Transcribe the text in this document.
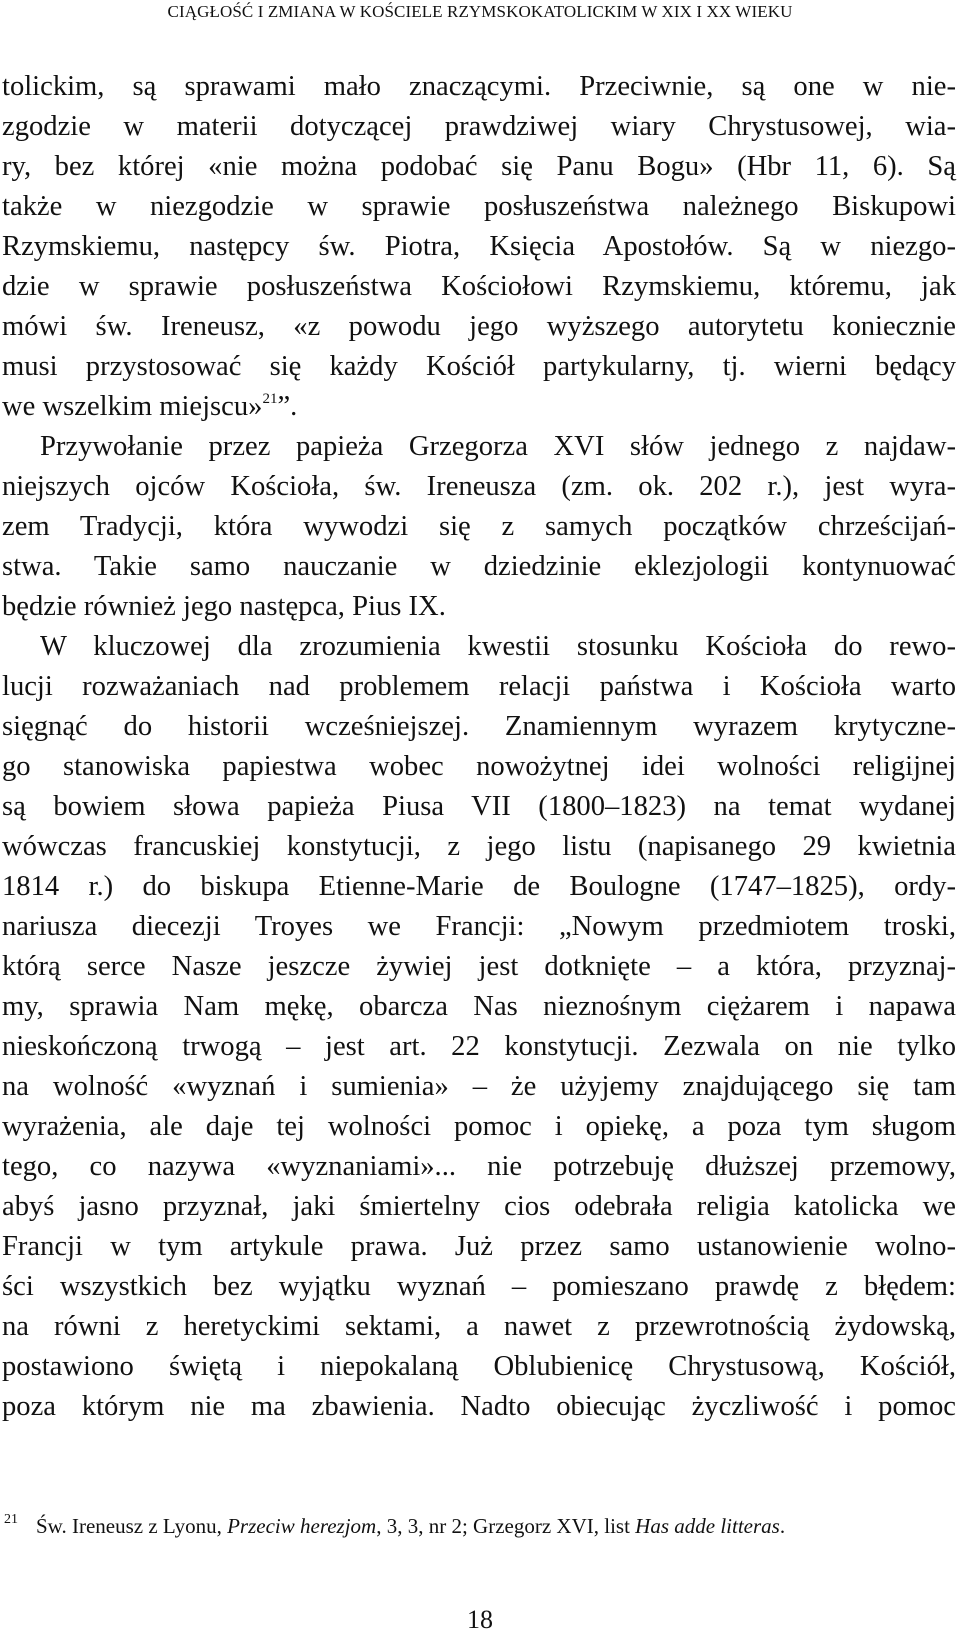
CIĄGŁOŚĆ I ZMIANA W KOŚCIELE RZYMSKOKATOLICKIM W XIX I XX WIEKU
tolickim, są sprawami mało znaczącymi. Przeciwnie, są one w nie-
zgodzie w materii dotyczącej prawdziwej wiary Chrystusowej, wia-
ry, bez której «nie można podobać się Panu Bogu» (Hbr 11, 6). Są
także w niezgodzie w sprawie posłuszeństwa należnego Biskupowi
Rzymskiemu, następcy św. Piotra, Księcia Apostołów. Są w niezgo-
dzie w sprawie posłuszeństwa Kościołowi Rzymskiemu, któremu, jak
mówi św. Ireneusz, «z powodu jego wyższego autorytetu koniecznie
musi przystosować się każdy Kościół partykularny, tj. wierni będący
we wszelkim miejscu»$^{21}$”.
Przywołanie przez papieża Grzegorza XVI słów jednego z najdaw-
niejszych ojców Kościoła, św. Ireneusza (zm. ok. 202 r.), jest wyra-
zem Tradycji, która wywodzi się z samych początków chrześcijań-
stwa. Takie samo nauczanie w dziedzinie eklezjologii kontynuować
będzie również jego następca, Pius IX.
W kluczowej dla zrozumienia kwestii stosunku Kościoła do rewo-
lucji rozważaniach nad problemem relacji państwa i Kościoła warto
sięgnąć do historii wcześniejszej. Znamiennym wyrazem krytyczne-
go stanowiska papiestwa wobec nowożytnej idei wolności religijnej
są bowiem słowa papieża Piusa VII (1800–1823) na temat wydanej
wówczas francuskiej konstytucji, z jego listu (napisanego 29 kwietnia
1814 r.) do biskupa Etienne-Marie de Boulogne (1747–1825), ordy-
nariusza diecezji Troyes we Francji: „Nowym przedmiotem troski,
którą serce Nasze jeszcze żywiej jest dotknięte – a która, przyznaj-
my, sprawia Nam mękę, obarcza Nas nieznośnym ciężarem i napawa
nieskończoną trwogą – jest art. 22 konstytucji. Zezwala on nie tylko
na wolność «wyznań i sumienia» – że użyjemy znajdującego się tam
wyrażenia, ale daje tej wolności pomoc i opiekę, a poza tym sługom
tego, co nazywa «wyznaniami»... nie potrzebuję dłuższej przemowy,
abyś jasno przyznał, jaki śmiertelny cios odebrała religia katolicka we
Francji w tym artykule prawa. Już przez samo ustanowienie wolno-
ści wszystkich bez wyjątku wyznań – pomieszano prawdę z błędem:
na równi z heretyckimi sektami, a nawet z przewrotnością żydowską,
postawiono świętą i niepokalaną Oblubienicę Chrystusową, Kościół,
poza którym nie ma zbawienia. Nadto obiecując życzliwość i pomoc
21 Św. Ireneusz z Lyonu, Przeciw herezjom, 3, 3, nr 2; Grzegorz XVI, list Has adde litteras.
18
